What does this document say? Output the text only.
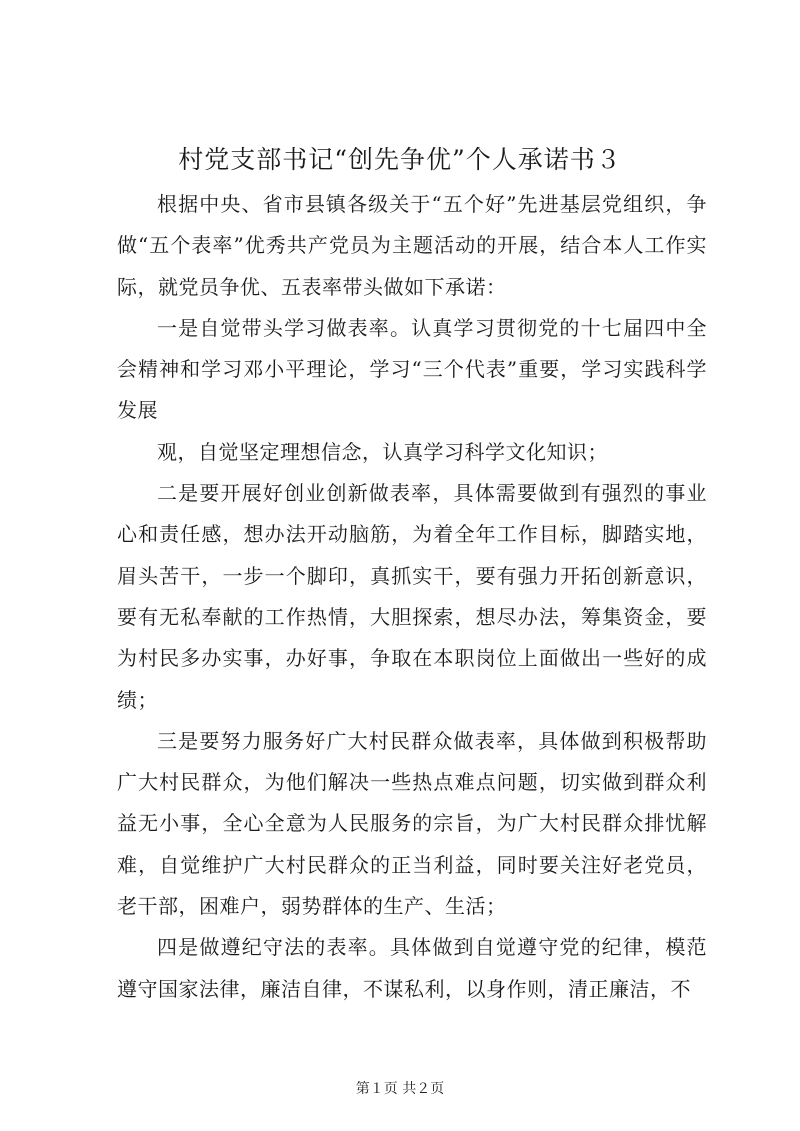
村党支部书记“创先争优”个人承诺书３

根据中央、省市县镇各级关于“五个好”先进基层党组织，争做“五个表率”优秀共产党员为主题活动的开展，结合本人工作实际，就党员争优、五表率带头做如下承诺：

一是自觉带头学习做表率。认真学习贯彻党的十七届四中全会精神和学习邓小平理论，学习“三个代表”重要，学习实践科学发展

观，自觉坚定理想信念，认真学习科学文化知识；

二是要开展好创业创新做表率，具体需要做到有强烈的事业心和责任感，想办法开动脑筋，为着全年工作目标，脚踏实地，眉头苦干，一步一个脚印，真抓实干，要有强力开拓创新意识，要有无私奉献的工作热情，大胆探索，想尽办法，筹集资金，要为村民多办实事，办好事，争取在本职岗位上面做出一些好的成绩；

三是要努力服务好广大村民群众做表率，具体做到积极帮助广大村民群众，为他们解决一些热点难点问题，切实做到群众利益无小事，全心全意为人民服务的宗旨，为广大村民群众排忧解难，自觉维护广大村民群众的正当利益，同时要关注好老党员，老干部，困难户，弱势群体的生产、生活；

四是做遵纪守法的表率。具体做到自觉遵守党的纪律，模范遵守国家法律，廉洁自律，不谋私利，以身作则，清正廉洁，不

第１页 共２页
